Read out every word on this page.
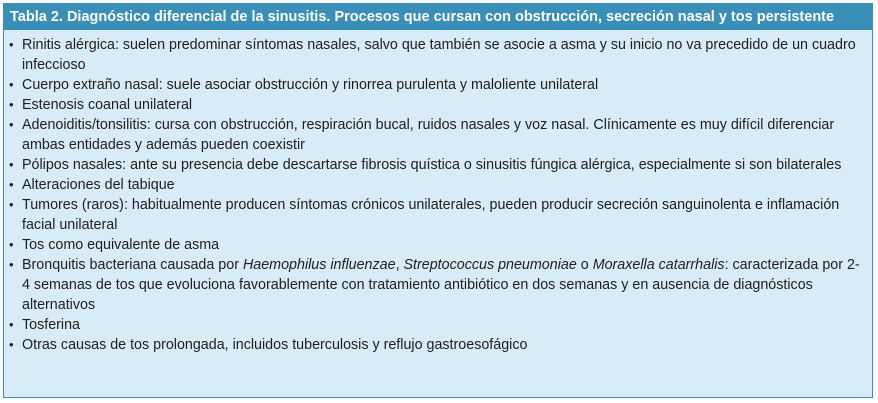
Tabla 2. Diagnóstico diferencial de la sinusitis. Procesos que cursan con obstrucción, secreción nasal y tos persistente
• Rinitis alérgica: suelen predominar síntomas nasales, salvo que también se asocie a asma y su inicio no va precedido de un cuadro infeccioso
• Cuerpo extraño nasal: suele asociar obstrucción y rinorrea purulenta y maloliente unilateral
• Estenosis coanal unilateral
• Adenoiditis/tonsilitis: cursa con obstrucción, respiración bucal, ruidos nasales y voz nasal. Clínicamente es muy difícil diferenciar ambas entidades y además pueden coexistir
• Pólipos nasales: ante su presencia debe descartarse fibrosis quística o sinusitis fúngica alérgica, especialmente si son bilaterales
• Alteraciones del tabique
• Tumores (raros): habitualmente producen síntomas crónicos unilaterales, pueden producir secreción sanguinolenta e inflamación facial unilateral
• Tos como equivalente de asma
• Bronquitis bacteriana causada por Haemophilus influenzae, Streptococcus pneumoniae o Moraxella catarrhalis: caracterizada por 2-4 semanas de tos que evoluciona favorablemente con tratamiento antibiótico en dos semanas y en ausencia de diagnósticos alternativos
• Tosferina
• Otras causas de tos prolongada, incluidos tuberculosis y reflujo gastroesofágico
